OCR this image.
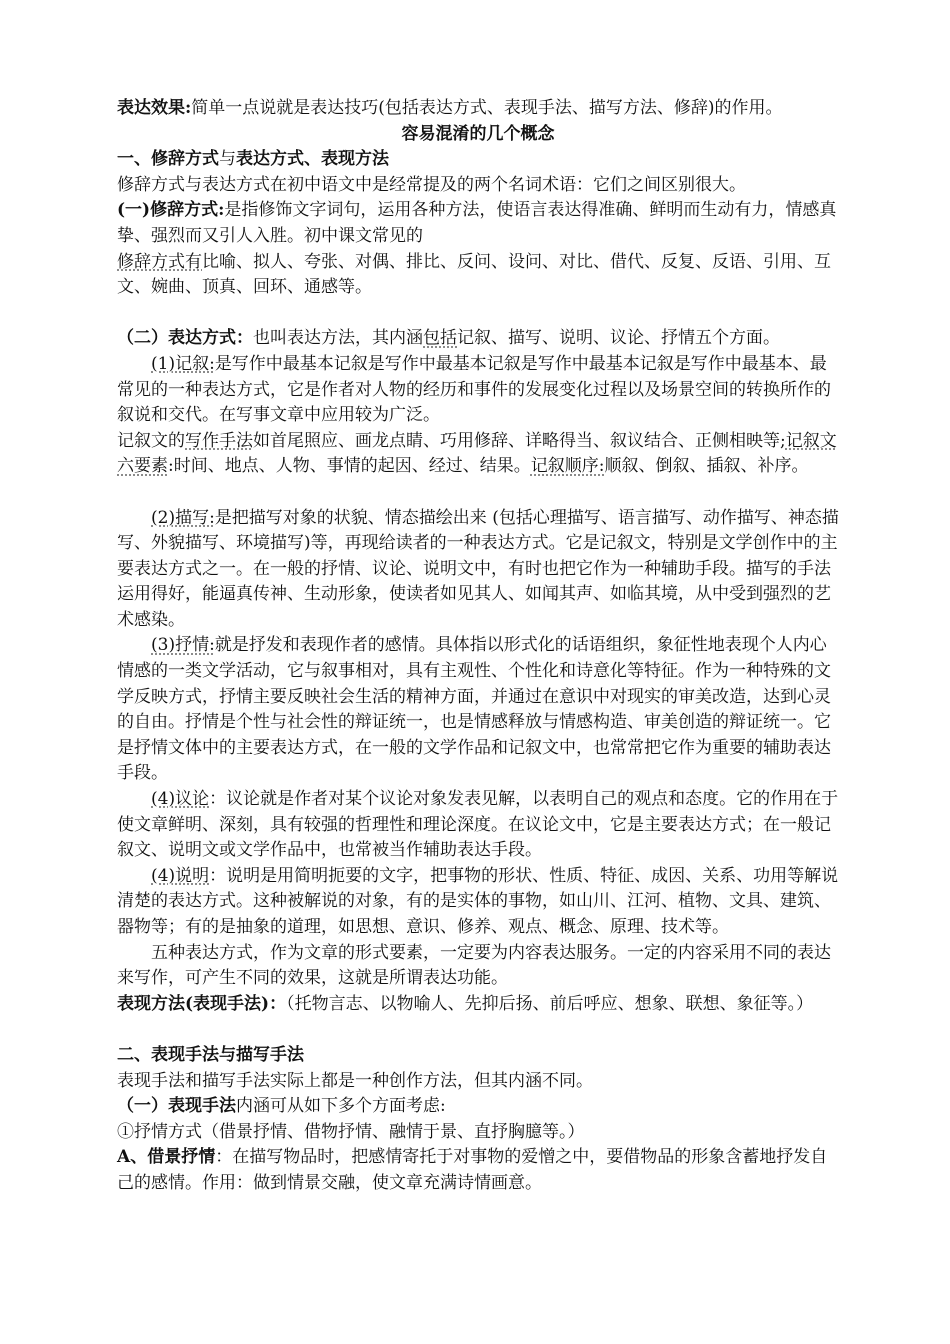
表达效果:简单一点说就是表达技巧(包括表达方式、表现手法、描写方法、修辞)的作用。

容易混淆的几个概念

一、修辞方式与表达方式、表现方法

修辞方式与表达方式在初中语文中是经常提及的两个名词术语：它们之间区别很大。

(一)修辞方式:是指修饰文字词句，运用各种方法，使语言表达得准确、鲜明而生动有力，情感真挚、强烈而又引人入胜。初中课文常见的

修辞方式有比喻、拟人、夸张、对偶、排比、反问、设问、对比、借代、反复、反语、引用、互文、婉曲、顶真、回环、通感等。

（二）表达方式：也叫表达方法，其内涵包括记叙、描写、说明、议论、抒情五个方面。

(1)记叙:是写作中最基本记叙是写作中最基本记叙是写作中最基本记叙是写作中最基本、最常见的一种表达方式，它是作者对人物的经历和事件的发展变化过程以及场景空间的转换所作的叙说和交代。在写事文章中应用较为广泛。

记叙文的写作手法如首尾照应、画龙点睛、巧用修辞、详略得当、叙议结合、正侧相映等;记叙文六要素:时间、地点、人物、事情的起因、经过、结果。记叙顺序:顺叙、倒叙、插叙、补序。

(2)描写:是把描写对象的状貌、情态描绘出来 (包括心理描写、语言描写、动作描写、神态描写、外貌描写、环境描写)等，再现给读者的一种表达方式。它是记叙文，特别是文学创作中的主要表达方式之一。在一般的抒情、议论、说明文中，有时也把它作为一种辅助手段。描写的手法运用得好，能逼真传神、生动形象，使读者如见其人、如闻其声、如临其境，从中受到强烈的艺术感染。

(3)抒情:就是抒发和表现作者的感情。具体指以形式化的话语组织，象征性地表现个人内心情感的一类文学活动，它与叙事相对，具有主观性、个性化和诗意化等特征。作为一种特殊的文学反映方式，抒情主要反映社会生活的精神方面，并通过在意识中对现实的审美改造，达到心灵的自由。抒情是个性与社会性的辩证统一，也是情感释放与情感构造、审美创造的辩证统一。它是抒情文体中的主要表达方式，在一般的文学作品和记叙文中，也常常把它作为重要的辅助表达手段。

(4)议论：议论就是作者对某个议论对象发表见解，以表明自己的观点和态度。它的作用在于使文章鲜明、深刻，具有较强的哲理性和理论深度。在议论文中，它是主要表达方式；在一般记叙文、说明文或文学作品中，也常被当作辅助表达手段。

(4)说明：说明是用简明扼要的文字，把事物的形状、性质、特征、成因、关系、功用等解说清楚的表达方式。这种被解说的对象，有的是实体的事物，如山川、江河、植物、文具、建筑、器物等；有的是抽象的道理，如思想、意识、修养、观点、概念、原理、技术等。

五种表达方式，作为文章的形式要素，一定要为内容表达服务。一定的内容采用不同的表达来写作，可产生不同的效果，这就是所谓表达功能。

表现方法(表现手法)：（托物言志、以物喻人、先抑后扬、前后呼应、想象、联想、象征等。）

二、表现手法与描写手法

表现手法和描写手法实际上都是一种创作方法，但其内涵不同。

（一）表现手法内涵可从如下多个方面考虑:

①抒情方式（借景抒情、借物抒情、融情于景、直抒胸臆等。）

A、借景抒情：在描写物品时，把感情寄托于对事物的爱憎之中，要借物品的形象含蓄地抒发自己的感情。作用：做到情景交融，使文章充满诗情画意。
